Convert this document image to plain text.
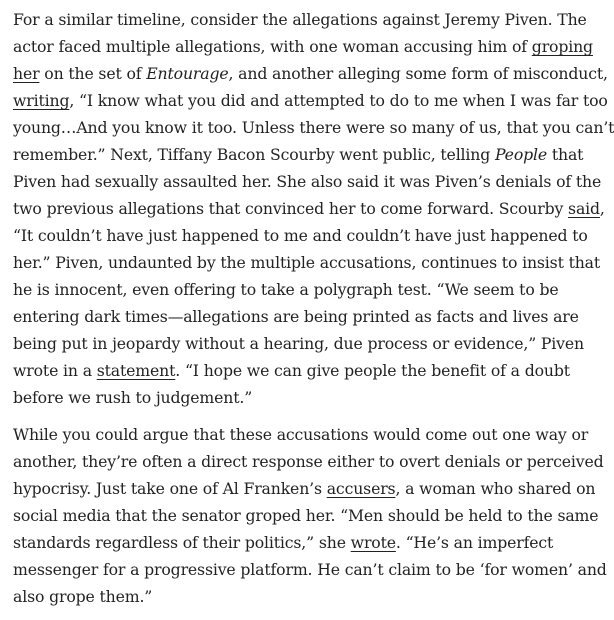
For a similar timeline, consider the allegations against Jeremy Piven. The
actor faced multiple allegations, with one woman accusing him of groping
her on the set of Entourage, and another alleging some form of misconduct,
writing, “I know what you did and attempted to do to me when I was far too
young…And you know it too. Unless there were so many of us, that you can’t
remember.” Next, Tiffany Bacon Scourby went public, telling People that
Piven had sexually assaulted her. She also said it was Piven’s denials of the
two previous allegations that convinced her to come forward. Scourby said,
“It couldn’t have just happened to me and couldn’t have just happened to
her.” Piven, undaunted by the multiple accusations, continues to insist that
he is innocent, even offering to take a polygraph test. “We seem to be
entering dark times—allegations are being printed as facts and lives are
being put in jeopardy without a hearing, due process or evidence,” Piven
wrote in a statement. “I hope we can give people the benefit of a doubt
before we rush to judgement.”

While you could argue that these accusations would come out one way or
another, they’re often a direct response either to overt denials or perceived
hypocrisy. Just take one of Al Franken’s accusers, a woman who shared on
social media that the senator groped her. “Men should be held to the same
standards regardless of their politics,” she wrote. “He’s an imperfect
messenger for a progressive platform. He can’t claim to be ‘for women’ and
also grope them.”
